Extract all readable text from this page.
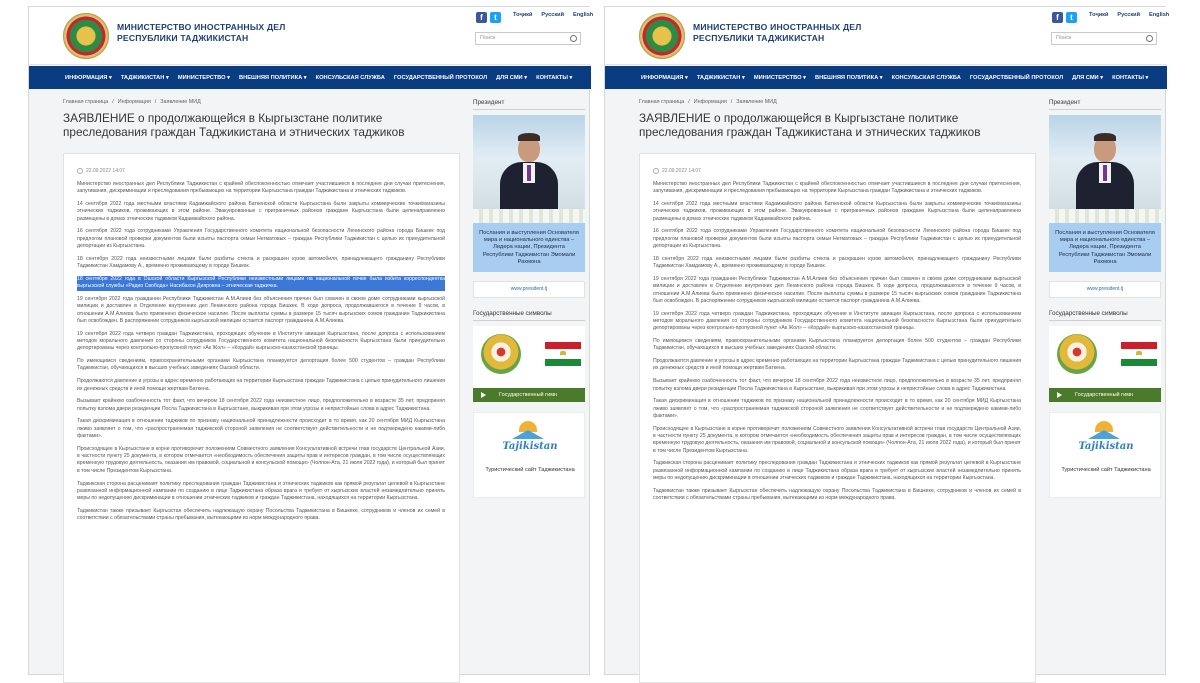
МИНИСТЕРСТВО ИНОСТРАННЫХ ДЕЛ РЕСПУБЛИКИ ТАДЖИКИСТАН
f	t	Тоҷикӣ Русский English
Поиск
ИНФОРМАЦИЯ ▾ ТАДЖИКИСТАН ▾ МИНИСТЕРСТВО ▾ ВНЕШНЯЯ ПОЛИТИКА ▾ КОНСУЛЬСКАЯ СЛУЖБА ГОСУДАРСТВЕННЫЙ ПРОТОКОЛ ДЛЯ СМИ ▾ КОНТАКТЫ ▾
Главная страница / Информация / Заявление МИД
ЗАЯВЛЕНИЕ о продолжающейся в Кыргызстане политике преследования граждан Таджикистана и этнических таджиков
22.09.2022 14:07

Министерство иностранных дел Республики Таджикистан с крайней обеспокоенностью отмечает участившиеся в последнее дни случаи притеснения, запугивания, дискриминации и преследования пребывающих на территории Кыргызстана граждан Таджикистана и этнических таджиков.

14 сентября 2022 года местными властями Кадамжайского района Баткенской области Кыргызстана были закрыты коммерческие точки/магазины этнических таджиков, проживающих в этом районе. Эвакуированные с приграничных районов граждане Кыргызстана были целенаправленно размещены в домах этнических таджиков Кадамжайского района.

16 сентября 2022 года сотрудниками Управления Государственного комитета национальной безопасности Ленинского района города Бишкек под предлогом плановой проверки документов были изъяты паспорта семьи Негматовых – граждан Республики Таджикистан с целью их принудительной депортации из Кыргызстана.

18 сентября 2022 года неизвестными лицами были разбиты стекла и раскрашен кузов автомобиля, принадлежащего гражданину Республики Таджикистан Хамдамову А., временно проживающему в городе Бишкек.

18 сентября 2022 года в Ошской области Кыргызской Республики неизвестными лицами на национальной почве была избита корреспондентка кыргызской службы «Радио Свобода» Насибахон Дияровна – этническая таджичка.

19 сентября 2022 года гражданин Республики Таджикистан А.М.Алиев без объяснения причин был схвачен в своем доме сотрудниками кыргызской милиции и доставлен в Отделение внутренних дел Ленинского района города Бишкек. В ходе допроса, продолжавшегося в течение 9 часов, в отношении А.М.Алиева было применено физическое насилие. После выплаты суммы в размере 15 тысяч кыргызских сомов гражданин Таджикистана был освобожден. В распоряжении сотрудников кыргызской милиции остается паспорт гражданина А.М.Алиева.

19 сентября 2022 года четверо граждан Таджикистана, проходящих обучение в Институте авиации Кыргызстана, после допроса с использованием методов морального давления со стороны сотрудников Государственного комитета национальной безопасности Кыргызстана были принудительно депортированы через контрольно-пропускной пункт «Ак Жол» – «Кордай» кыргызско-казахстанской границы.

По имеющимся сведениям, правоохранительными органами Кыргызстана планируется депортация более 500 студентов – граждан Республики Таджикистан, обучающихся в высших учебных заведениях Ошской области.

Продолжаются давление и угрозы в адрес временно работающих на территории Кыргызстана граждан Таджикистана с целью принудительного лишения их денежных средств и иной помощи жертвам Баткена.

Вызывает крайнюю озабоченность тот факт, что вечером 18 сентября 2022 года неизвестное лицо, предположительно в возрасте 35 лет, предпринял попытку взлома двери резиденции Посла Таджикистана в Кыргызстане, выкрикивая при этом угрозы и непристойные слова в адрес Таджикистана.

Такая дискриминация в отношении таджиков по признаку национальной принадлежности происходит в то время, как 20 сентября МИД Кыргызстана лживо заявляет о том, что «распространяемая таджикской стороной заявления не соответствует действительности и не подтверждено какими-либо фактами».

Происходящее в Кыргызстане в корне противоречит положениям Совместного заявления Консультативной встречи глав государств Центральной Азии, в частности пункту 25 документа, в котором отмечается «необходимость обеспечения защиты прав и интересов граждан, в том числе осуществляющих временную трудовую деятельность, оказания им правовой, социальной и консульской помощи» (Чолпон-Ата, 21 июля 2022 года), и который был принят в том числе Президентом Кыргызстана.

Таджикская сторона расценивает политику преследования граждан Таджикистана и этнических таджиков как прямой результат целевой в Кыргызстане развязанной информационной кампании по созданию в лице Таджикистана образа врага и требует от кыргызских властей незамедлительно принять меры по недопущению дискриминации в отношении этнических таджиков и граждан Таджикистана, находящихся на территории Кыргызстана.

Таджикистан также призывает Кыргызстан обеспечить надлежащую охрану Посольства Таджикистана в Бишкеке, сотрудников и членов их семей в соответствии с обязательствами страны пребывания, вытекающими из норм международного права.

Президент
Послания и выступления Основателя мира и национального единства – Лидера нации, Президента Республики Таджикистан Эмомали Рахмона
www.president.tj
Государственные символы
Государственный гимн
Tajikistan
Туристический сайт Таджикистана
МИНИСТЕРСТВО ИНОСТРАННЫХ ДЕЛ РЕСПУБЛИКИ ТАДЖИКИСТАН
f	t	Тоҷикӣ Русский English
Поиск
ИНФОРМАЦИЯ ▾ ТАДЖИКИСТАН ▾ МИНИСТЕРСТВО ▾ ВНЕШНЯЯ ПОЛИТИКА ▾ КОНСУЛЬСКАЯ СЛУЖБА ГОСУДАРСТВЕННЫЙ ПРОТОКОЛ ДЛЯ СМИ ▾ КОНТАКТЫ ▾
Главная страница / Информация / Заявление МИД
ЗАЯВЛЕНИЕ о продолжающейся в Кыргызстане политике преследования граждан Таджикистана и этнических таджиков
22.09.2022 14:07

Министерство иностранных дел Республики Таджикистан с крайней обеспокоенностью отмечает участившиеся в последнее дни случаи притеснения, запугивания, дискриминации и преследования пребывающих на территории Кыргызстана граждан Таджикистана и этнических таджиков.

14 сентября 2022 года местными властями Кадамжайского района Баткенской области Кыргызстана были закрыты коммерческие точки/магазины этнических таджиков, проживающих в этом районе. Эвакуированные с приграничных районов граждане Кыргызстана были целенаправленно размещены в домах этнических таджиков Кадамжайского района.

16 сентября 2022 года сотрудниками Управления Государственного комитета национальной безопасности Ленинского района города Бишкек под предлогом плановой проверки документов были изъяты паспорта семьи Негматовых – граждан Республики Таджикистан с целью их принудительной депортации из Кыргызстана.

18 сентября 2022 года неизвестными лицами были разбиты стекла и раскрашен кузов автомобиля, принадлежащего гражданину Республики Таджикистан Хамдамову А., временно проживающему в городе Бишкек.

19 сентября 2022 года гражданин Республики Таджикистан А.М.Алиев без объяснения причин был схвачен в своем доме сотрудниками кыргызской милиции и доставлен в Отделение внутренних дел Ленинского района города Бишкек. В ходе допроса, продолжавшегося в течение 9 часов, в отношении А.М.Алиева было применено физическое насилие. После выплаты суммы в размере 15 тысяч кыргызских сомов гражданин Таджикистана был освобожден. В распоряжении сотрудников кыргызской милиции остается паспорт гражданина А.М.Алиева.

19 сентября 2022 года четверо граждан Таджикистана, проходящих обучение в Институте авиации Кыргызстана, после допроса с использованием методов морального давления со стороны сотрудников Государственного комитета национальной безопасности Кыргызстана были принудительно депортированы через контрольно-пропускной пункт «Ак Жол» – «Кордай» кыргызско-казахстанской границы.

По имеющимся сведениям, правоохранительными органами Кыргызстана планируется депортация более 500 студентов – граждан Республики Таджикистан, обучающихся в высших учебных заведениях Ошской области.

Продолжаются давление и угрозы в адрес временно работающих на территории Кыргызстана граждан Таджикистана с целью принудительного лишения их денежных средств и иной помощи жертвам Баткена.

Вызывает крайнюю озабоченность тот факт, что вечером 18 сентября 2022 года неизвестное лицо, предположительно в возрасте 35 лет, предпринял попытку взлома двери резиденции Посла Таджикистана в Кыргызстане, выкрикивая при этом угрозы и непристойные слова в адрес Таджикистана.

Такая дискриминация в отношении таджиков по признаку национальной принадлежности происходит в то время, как 20 сентября МИД Кыргызстана лживо заявляет о том, что «распространяемая таджикской стороной заявления не соответствует действительности и не подтверждено какими-либо фактами».

Происходящее в Кыргызстане в корне противоречит положениям Совместного заявления Консультативной встречи глав государств Центральной Азии, в частности пункту 25 документа, в котором отмечается «необходимость обеспечения защиты прав и интересов граждан, в том числе осуществляющих временную трудовую деятельность, оказания им правовой, социальной и консульской помощи» (Чолпон-Ата, 21 июля 2022 года), и который был принят в том числе Президентом Кыргызстана.

Таджикская сторона расценивает политику преследования граждан Таджикистана и этнических таджиков как прямой результат целевой в Кыргызстане развязанной информационной кампании по созданию в лице Таджикистана образа врага и требует от кыргызских властей незамедлительно принять меры по недопущению дискриминации в отношении этнических таджиков и граждан Таджикистана, находящихся на территории Кыргызстана.

Таджикистан также призывает Кыргызстан обеспечить надлежащую охрану Посольства Таджикистана в Бишкеке, сотрудников и членов их семей в соответствии с обязательствами страны пребывания, вытекающими из норм международного права.

Президент
Послания и выступления Основателя мира и национального единства – Лидера нации, Президента Республики Таджикистан Эмомали Рахмона
www.president.tj
Государственные символы
Государственный гимн
Tajikistan
Туристический сайт Таджикистана
